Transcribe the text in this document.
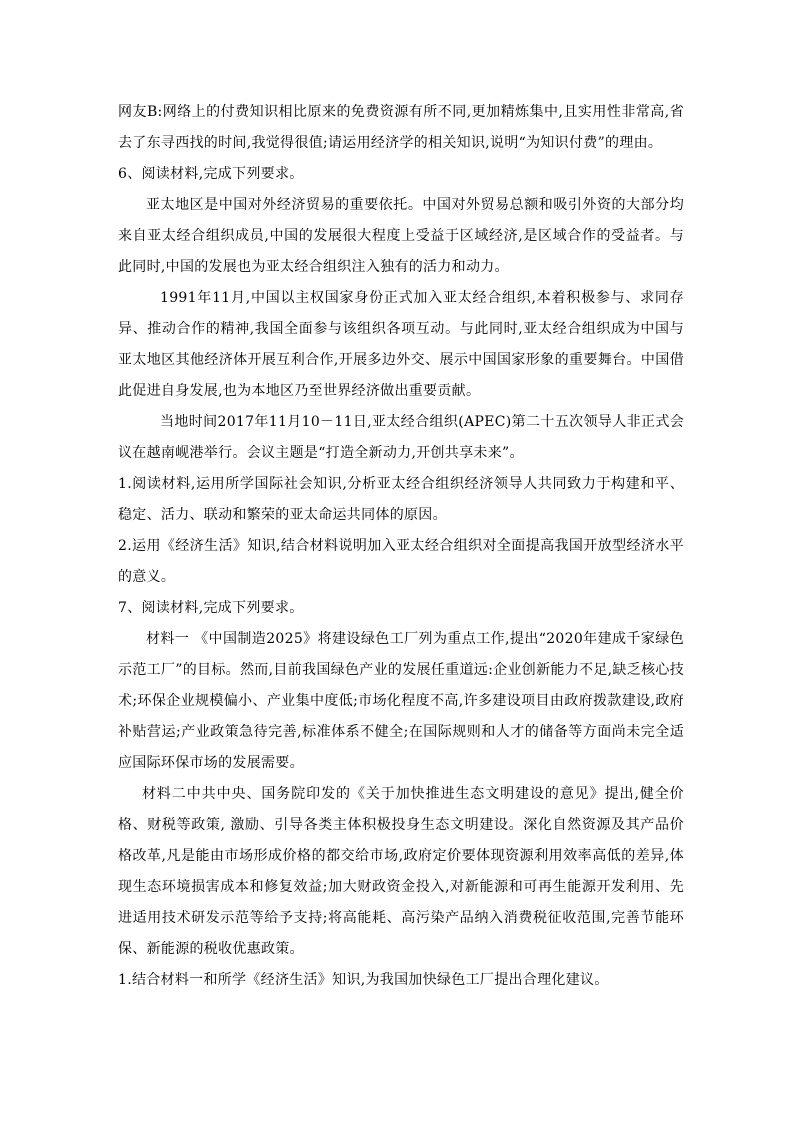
网友B:网络上的付费知识相比原来的免费资源有所不同,更加精炼集中,且实用性非常高,省去了东寻西找的时间,我觉得很值;请运用经济学的相关知识,说明“为知识付费”的理由。

6、阅读材料,完成下列要求。

亚太地区是中国对外经济贸易的重要依托。中国对外贸易总额和吸引外资的大部分均来自亚太经合组织成员,中国的发展很大程度上受益于区域经济,是区域合作的受益者。与此同时,中国的发展也为亚太经合组织注入独有的活力和动力。

1991年11月,中国以主权国家身份正式加入亚太经合组织,本着积极参与、求同存异、推动合作的精神,我国全面参与该组织各项互动。与此同时,亚太经合组织成为中国与亚太地区其他经济体开展互利合作,开展多边外交、展示中国国家形象的重要舞台。中国借此促进自身发展,也为本地区乃至世界经济做出重要贡献。

当地时间2017年11月10－11日,亚太经合组织(APEC)第二十五次领导人非正式会议在越南岘港举行。会议主题是“打造全新动力,开创共享未来”。

1.阅读材料,运用所学国际社会知识,分析亚太经合组织经济领导人共同致力于构建和平、稳定、活力、联动和繁荣的亚太命运共同体的原因。

2.运用《经济生活》知识,结合材料说明加入亚太经合组织对全面提高我国开放型经济水平的意义。

7、阅读材料,完成下列要求。

材料一 《中国制造2025》将建设绿色工厂列为重点工作,提出“2020年建成千家绿色示范工厂”的目标。然而,目前我国绿色产业的发展任重道远:企业创新能力不足,缺乏核心技术;环保企业规模偏小、产业集中度低;市场化程度不高,许多建设项目由政府拨款建设,政府补贴营运;产业政策急待完善,标准体系不健全;在国际规则和人才的储备等方面尚未完全适应国际环保市场的发展需要。

材料二中共中央、国务院印发的《关于加快推进生态文明建设的意见》提出,健全价格、财税等政策, 激励、引导各类主体积极投身生态文明建设。深化自然资源及其产品价格改革,凡是能由市场形成价格的都交给市场,政府定价要体现资源利用效率高低的差异,体现生态环境损害成本和修复效益;加大财政资金投入,对新能源和可再生能源开发利用、先进适用技术研发示范等给予支持;将高能耗、高污染产品纳入消费税征收范围,完善节能环保、新能源的税收优惠政策。

1.结合材料一和所学《经济生活》知识,为我国加快绿色工厂提出合理化建议。
